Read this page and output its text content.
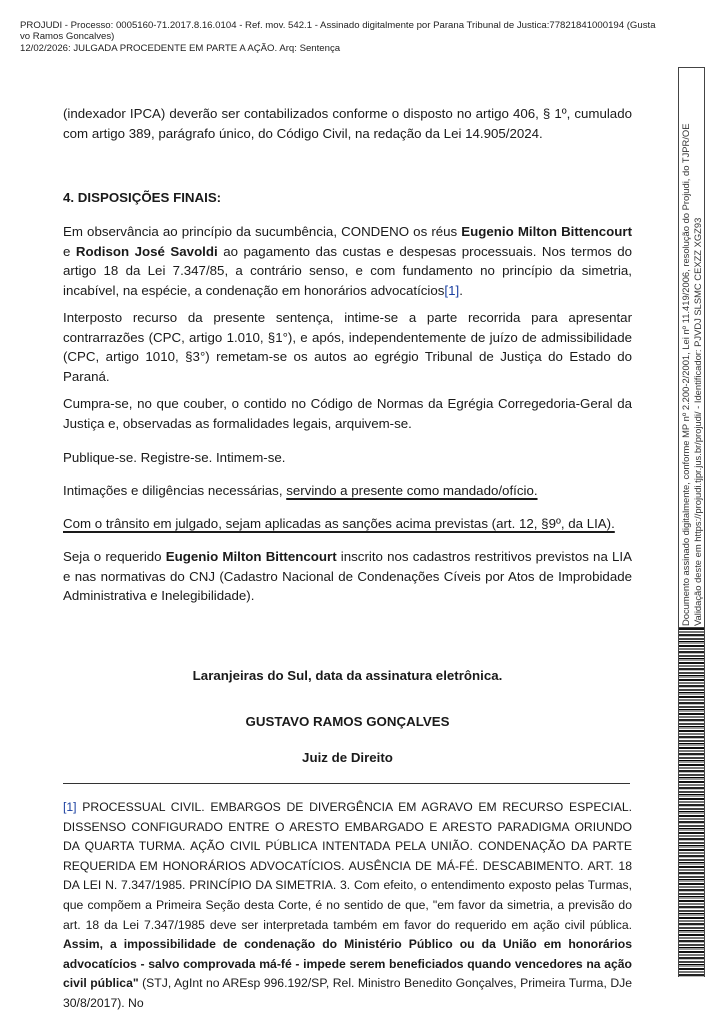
PROJUDI - Processo: 0005160-71.2017.8.16.0104 - Ref. mov. 542.1 - Assinado digitalmente por Parana Tribunal de Justica:77821841000194 (Gusta
vo Ramos Goncalves)
12/02/2026: JULGADA PROCEDENTE EM PARTE A AÇÃO. Arq: Sentença

(indexador IPCA) deverão ser contabilizados conforme o disposto no artigo 406, § 1º, cumulado com artigo 389, parágrafo único, do Código Civil, na redação da Lei 14.905/2024.

4. DISPOSIÇÕES FINAIS:

Em observância ao princípio da sucumbência, CONDENO os réus Eugenio Milton Bittencourt e Rodison José Savoldi ao pagamento das custas e despesas processuais. Nos termos do artigo 18 da Lei 7.347/85, a contrário senso, e com fundamento no princípio da simetria, incabível, na espécie, a condenação em honorários advocatícios[1].

Interposto recurso da presente sentença, intime-se a parte recorrida para apresentar contrarrazões (CPC, artigo 1.010, §1°), e após, independentemente de juízo de admissibilidade (CPC, artigo 1010, §3°) remetam-se os autos ao egrégio Tribunal de Justiça do Estado do Paraná.

Cumpra-se, no que couber, o contido no Código de Normas da Egrégia Corregedoria-Geral da Justiça e, observadas as formalidades legais, arquivem-se.

Publique-se. Registre-se. Intimem-se.

Intimações e diligências necessárias, servindo a presente como mandado/ofício.

Com o trânsito em julgado, sejam aplicadas as sanções acima previstas (art. 12, §9º, da LIA).

Seja o requerido Eugenio Milton Bittencourt inscrito nos cadastros restritivos previstos na LIA e nas normativas do CNJ (Cadastro Nacional de Condenações Cíveis por Atos de Improbidade Administrativa e Inelegibilidade).

Laranjeiras do Sul, data da assinatura eletrônica.
GUSTAVO RAMOS GONÇALVES
Juiz de Direito

[1] PROCESSUAL CIVIL. EMBARGOS DE DIVERGÊNCIA EM AGRAVO EM RECURSO ESPECIAL. DISSENSO CONFIGURADO ENTRE O ARESTO EMBARGADO E ARESTO PARADIGMA ORIUNDO DA QUARTA TURMA. AÇÃO CIVIL PÚBLICA INTENTADA PELA UNIÃO. CONDENAÇÃO DA PARTE REQUERIDA EM HONORÁRIOS ADVOCATÍCIOS. AUSÊNCIA DE MÁ-FÉ. DESCABIMENTO. ART. 18 DA LEI N. 7.347/1985. PRINCÍPIO DA SIMETRIA. 3. Com efeito, o entendimento exposto pelas Turmas, que compõem a Primeira Seção desta Corte, é no sentido de que, "em favor da simetria, a previsão do art. 18 da Lei 7.347/1985 deve ser interpretada também em favor do requerido em ação civil pública. Assim, a impossibilidade de condenação do Ministério Público ou da União em honorários advocatícios - salvo comprovada má-fé - impede serem beneficiados quando vencedores na ação civil pública" (STJ, AgInt no AREsp 996.192/SP, Rel. Ministro Benedito Gonçalves, Primeira Turma, DJe 30/8/2017). No

Documento assinado digitalmente, conforme MP nº 2.200-2/2001, Lei nº 11.419/2006, resolução do Projudi, do TJPR/OE Validação deste em https://projudi.tjpr.jus.br/projudi/ - Identificador: PJVDJ SLSMC CEXZZ XGZ93
